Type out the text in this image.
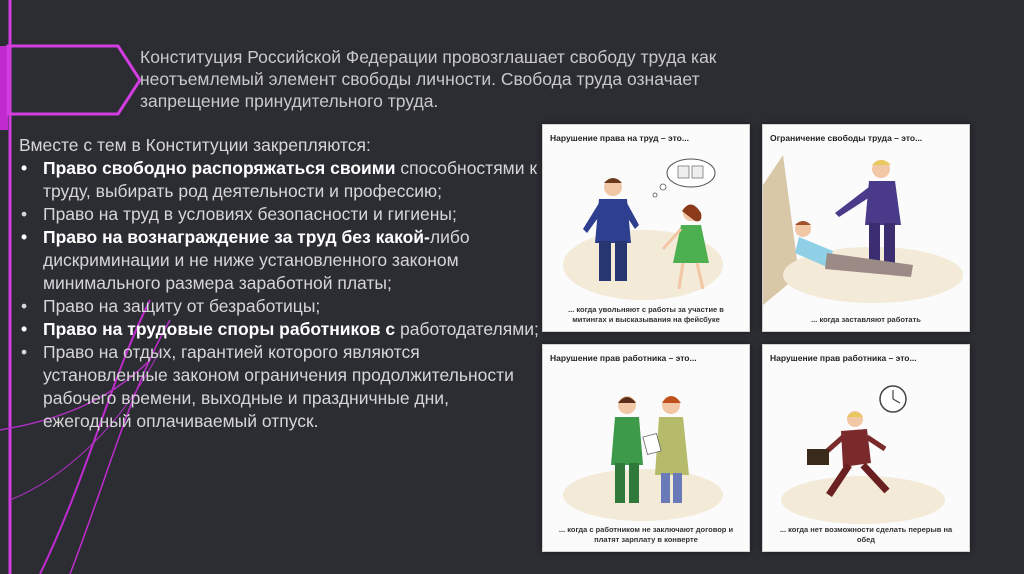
Конституция Российской Федерации провозглашает свободу труда как
неотъемлемый элемент свободы личности. Свобода труда означает
запрещение принудительного труда.
Вместе с тем в Конституции закрепляются:
• Право свободно распоряжаться своими способностями к труду, выбирать род деятельности и профессию;
• Право на труд в условиях безопасности и гигиены;
• Право на вознаграждение за труд без какой-либо дискриминации и не ниже установленного законом минимального размера заработной платы;
• Право на защиту от безработицы;
• Право на трудовые споры работников с работодателями;
• Право на отдых, гарантией которого являются установленные законом ограничения продолжительности рабочего времени, выходные и праздничные дни, ежегодный оплачиваемый отпуск.
Нарушение права на труд – это...
... когда увольняют с работы за участие в митингах и высказывания на фейсбуке
Ограничение свободы труда – это...
... когда заставляют работать
Нарушение прав работника – это...
... когда с работником не заключают договор и платят зарплату в конверте
Нарушение прав работника – это...
... когда нет возможности сделать перерыв на обед
